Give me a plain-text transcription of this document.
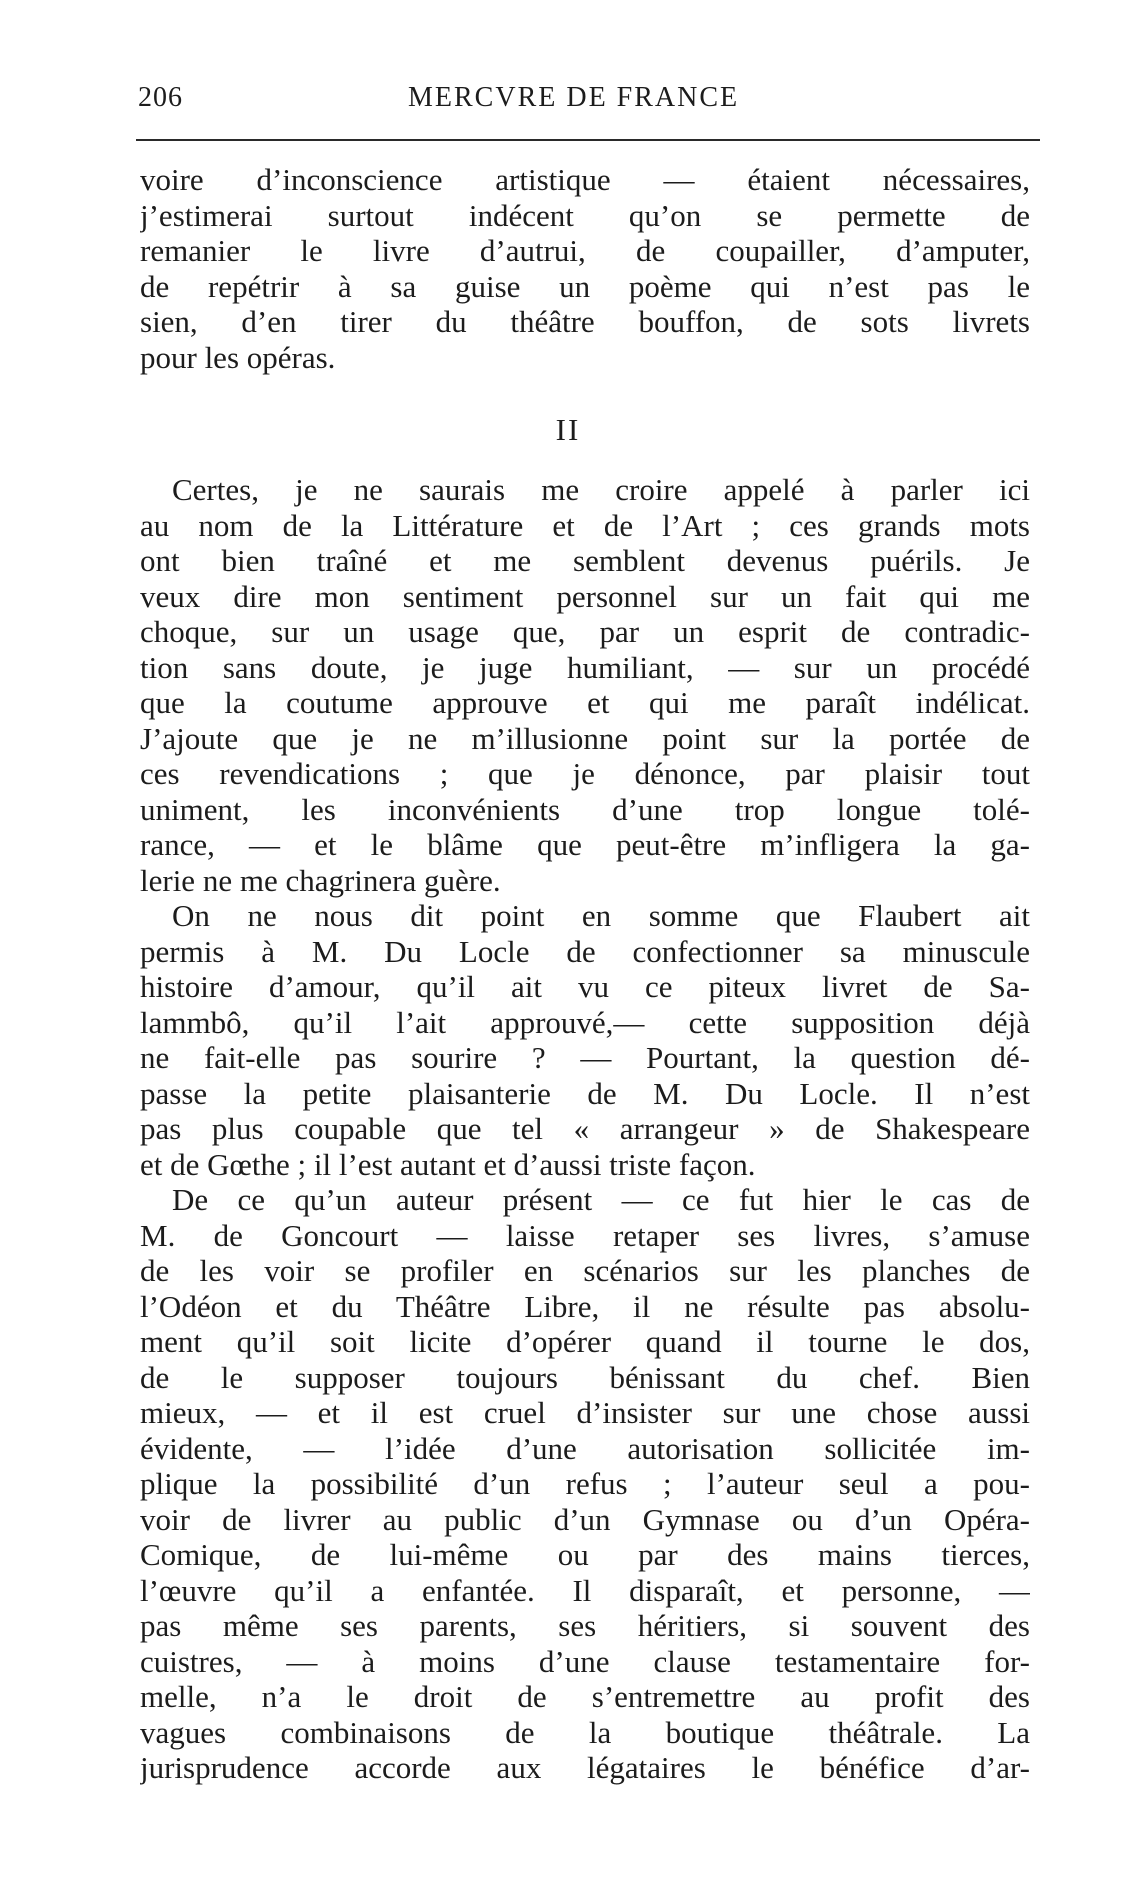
206	MERCVRE DE FRANCE
voire d’inconscience artistique — étaient nécessaires,
j’estimerai surtout indécent qu’on se permette de
remanier le livre d’autrui, de coupailler, d’amputer,
de repétrir à sa guise un poème qui n’est pas le
sien, d’en tirer du théâtre bouffon, de sots livrets
pour les opéras.
II
Certes, je ne saurais me croire appelé à parler ici
au nom de la Littérature et de l’Art ; ces grands mots
ont bien traîné et me semblent devenus puérils. Je
veux dire mon sentiment personnel sur un fait qui me
choque, sur un usage que, par un esprit de contradic-
tion sans doute, je juge humiliant, — sur un procédé
que la coutume approuve et qui me paraît indélicat.
J’ajoute que je ne m’illusionne point sur la portée de
ces revendications ; que je dénonce, par plaisir tout
uniment, les inconvénients d’une trop longue tolé-
rance, — et le blâme que peut-être m’infligera la ga-
lerie ne me chagrinera guère.
On ne nous dit point en somme que Flaubert ait
permis à M. Du Locle de confectionner sa minuscule
histoire d’amour, qu’il ait vu ce piteux livret de Sa-
lammbô, qu’il l’ait approuvé,— cette supposition déjà
ne fait-elle pas sourire ? — Pourtant, la question dé-
passe la petite plaisanterie de M. Du Locle. Il n’est
pas plus coupable que tel « arrangeur » de Shakespeare
et de Gœthe ; il l’est autant et d’aussi triste façon.
De ce qu’un auteur présent — ce fut hier le cas de
M. de Goncourt — laisse retaper ses livres, s’amuse
de les voir se profiler en scénarios sur les planches de
l’Odéon et du Théâtre Libre, il ne résulte pas absolu-
ment qu’il soit licite d’opérer quand il tourne le dos,
de le supposer toujours bénissant du chef. Bien
mieux, — et il est cruel d’insister sur une chose aussi
évidente, — l’idée d’une autorisation sollicitée im-
plique la possibilité d’un refus ; l’auteur seul a pou-
voir de livrer au public d’un Gymnase ou d’un Opéra-
Comique, de lui-même ou par des mains tierces,
l’œuvre qu’il a enfantée. Il disparaît, et personne, —
pas même ses parents, ses héritiers, si souvent des
cuistres, — à moins d’une clause testamentaire for-
melle, n’a le droit de s’entremettre au profit des
vagues combinaisons de la boutique théâtrale. La
jurisprudence accorde aux légataires le bénéfice d’ar-
